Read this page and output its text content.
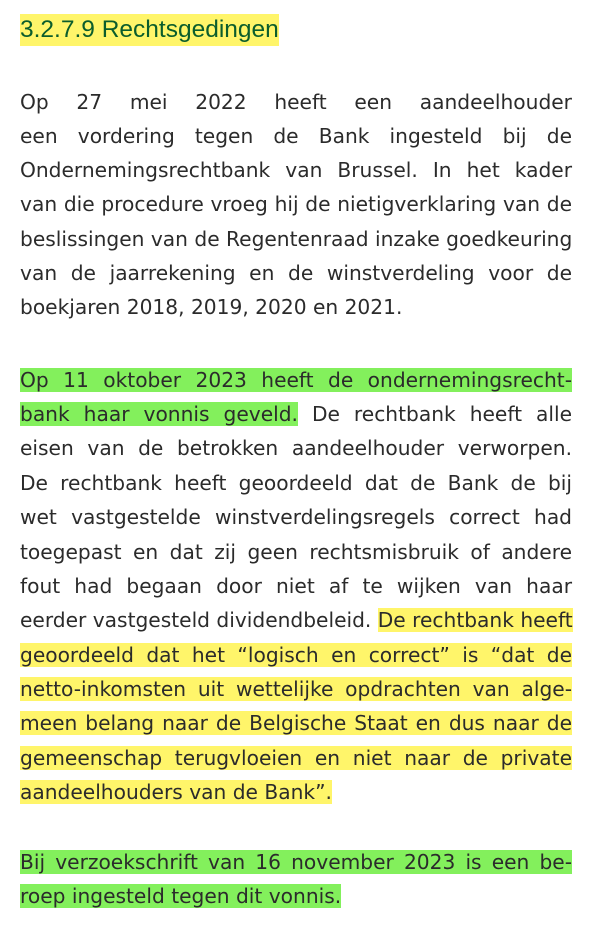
3.2.7.9 Rechtsgedingen
Op 27 mei 2022 heeft een aandeelhouder
een vordering tegen de Bank ingesteld bij de
Ondernemingsrechtbank van Brussel. In het kader
van die procedure vroeg hij de nietigverklaring van de
beslissingen van de Regentenraad inzake goedkeuring
van de jaarrekening en de winstverdeling voor de
boekjaren 2018, 2019, 2020 en 2021.
Op 11 oktober 2023 heeft de ondernemingsrecht-
bank haar vonnis geveld. De rechtbank heeft alle
eisen van de betrokken aandeelhouder verworpen.
De rechtbank heeft geoordeeld dat de Bank de bij
wet vastgestelde winstverdelingsregels correct had
toegepast en dat zij geen rechtsmisbruik of andere
fout had begaan door niet af te wijken van haar
eerder vastgesteld dividendbeleid. De rechtbank heeft
geoordeeld dat het “logisch en correct” is “dat de
netto-inkomsten uit wettelijke opdrachten van alge-
meen belang naar de Belgische Staat en dus naar de
gemeenschap terugvloeien en niet naar de private
aandeelhouders van de Bank”.
Bij verzoekschrift van 16 november 2023 is een be-
roep ingesteld tegen dit vonnis.
